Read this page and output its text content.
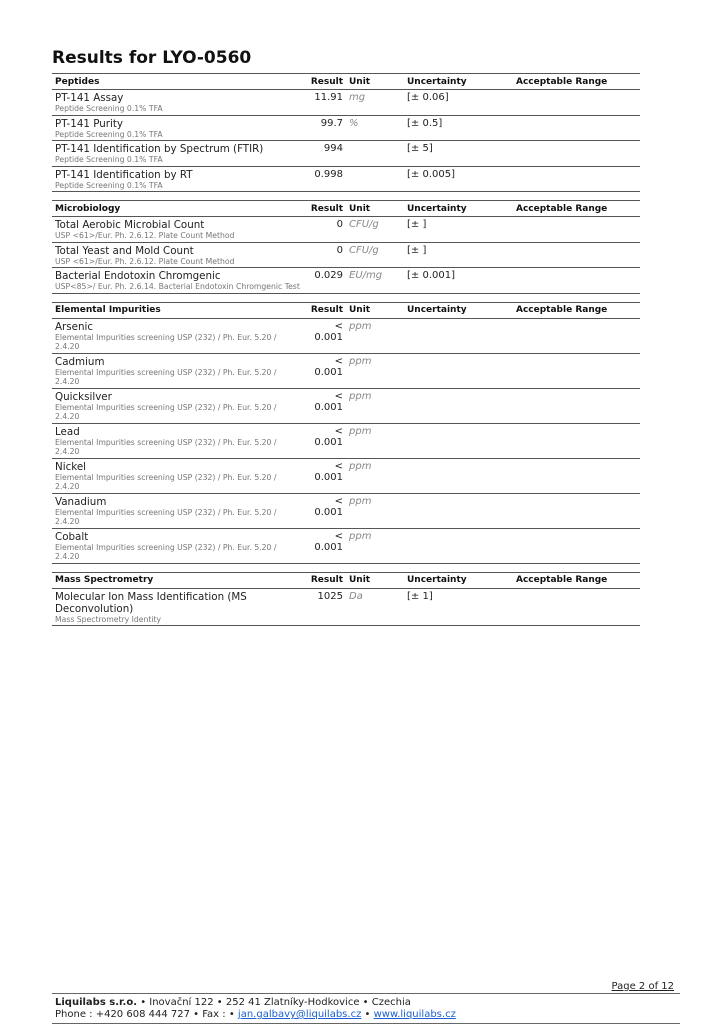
Results for LYO-0560
Peptides	Result	Unit	Uncertainty	Acceptable Range

PT-141 Assay
Peptide Screening 0.1% TFA	11.91	mg	[± 0.06]	

PT-141 Purity
Peptide Screening 0.1% TFA	99.7	%	[± 0.5]	

PT-141 Identification by Spectrum (FTIR)
Peptide Screening 0.1% TFA	994		[± 5]	

PT-141 Identification by RT
Peptide Screening 0.1% TFA	0.998		[± 0.005]	
Microbiology	Result	Unit	Uncertainty	Acceptable Range

Total Aerobic Microbial Count
USP <61>/Eur. Ph. 2.6.12. Plate Count Method	0	CFU/g	[± ]	

Total Yeast and Mold Count
USP <61>/Eur. Ph. 2.6.12. Plate Count Method	0	CFU/g	[± ]	

Bacterial Endotoxin Chromgenic
USP<85>/ Eur. Ph. 2.6.14. Bacterial Endotoxin Chromgenic Test	0.029	EU/mg	[± 0.001]	
Elemental Impurities	Result	Unit	Uncertainty	Acceptable Range

Arsenic
Elemental Impurities screening USP (232) / Ph. Eur. 5.20 / 2.4.20	< 0.001	ppm		

Cadmium
Elemental Impurities screening USP (232) / Ph. Eur. 5.20 / 2.4.20	< 0.001	ppm		

Quicksilver
Elemental Impurities screening USP (232) / Ph. Eur. 5.20 / 2.4.20	< 0.001	ppm		

Lead
Elemental Impurities screening USP (232) / Ph. Eur. 5.20 / 2.4.20	< 0.001	ppm		

Nickel
Elemental Impurities screening USP (232) / Ph. Eur. 5.20 / 2.4.20	< 0.001	ppm		

Vanadium
Elemental Impurities screening USP (232) / Ph. Eur. 5.20 / 2.4.20	< 0.001	ppm		

Cobalt
Elemental Impurities screening USP (232) / Ph. Eur. 5.20 / 2.4.20	< 0.001	ppm		
Mass Spectrometry	Result	Unit	Uncertainty	Acceptable Range

Molecular Ion Mass Identification (MS Deconvolution)
Mass Spectrometry Identity	1025	Da	[± 1]	
Page 2 of 12
Liquilabs s.r.o. • Inovační 122 • 252 41 Zlatníky-Hodkovice • Czechia
Phone : +420 608 444 727 • Fax : • jan.galbavy@liquilabs.cz • www.liquilabs.cz
